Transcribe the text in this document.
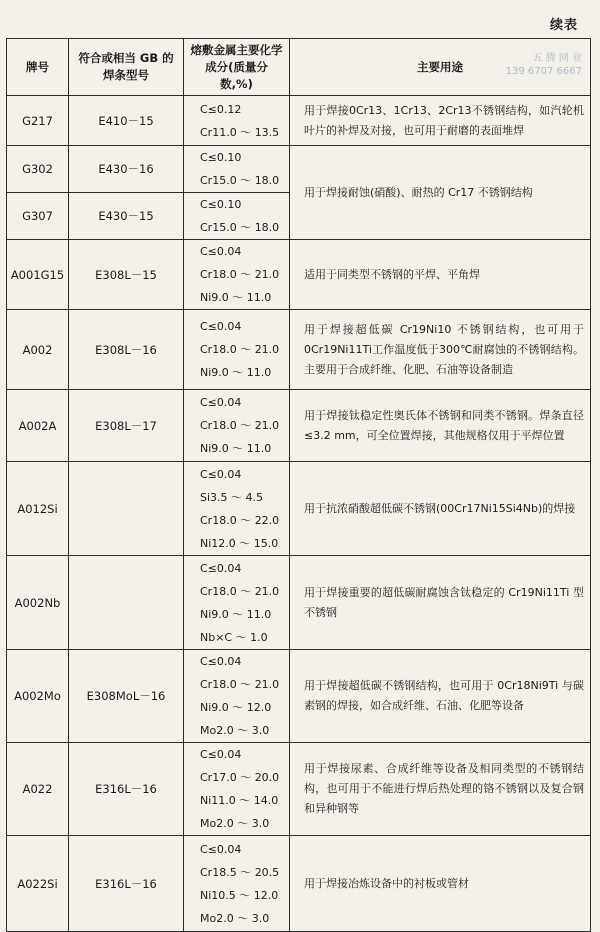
续表
五 腾 网 业
139 6707 6667
牌号	符合或相当 GB 的焊条型号	熔敷金属主要化学成分(质量分数,%)	主要用途
G217	E410－15	C≤0.12
Cr11.0 ～ 13.5	用于焊接0Cr13、1Cr13、2Cr13不锈钢结构，如汽轮机叶片的补焊及对接，也可用于耐磨的表面堆焊
G302	E430－16	C≤0.10
Cr15.0 ～ 18.0	用于焊接耐蚀(硝酸)、耐热的 Cr17 不锈钢结构
G307	E430－15	C≤0.10
Cr15.0 ～ 18.0	

A001G15	E308L－15	C≤0.04
Cr18.0 ～ 21.0
Ni9.0 ～ 11.0	适用于同类型不锈钢的平焊、平角焊
A002	E308L－16	C≤0.04
Cr18.0 ～ 21.0
Ni9.0 ～ 11.0	用于焊接超低碳 Cr19Ni10 不锈钢结构，也可用于0Cr19Ni11Ti工作温度低于300℃耐腐蚀的不锈钢结构。主要用于合成纤维、化肥、石油等设备制造
A002A	E308L－17	C≤0.04
Cr18.0 ～ 21.0
Ni9.0 ～ 11.0	用于焊接钛稳定性奥氏体不锈钢和同类不锈钢。焊条直径≤3.2 mm，可全位置焊接，其他规格仅用于平焊位置
A012Si		C≤0.04
Si3.5 ～ 4.5
Cr18.0 ～ 22.0
Ni12.0 ～ 15.0	用于抗浓硝酸超低碳不锈钢(00Cr17Ni15Si4Nb)的焊接
A002Nb		C≤0.04
Cr18.0 ～ 21.0
Ni9.0 ～ 11.0
Nb×C ～ 1.0	用于焊接重要的超低碳耐腐蚀含钛稳定的 Cr19Ni11Ti 型不锈钢
A002Mo	E308MoL－16	C≤0.04
Cr18.0 ～ 21.0
Ni9.0 ～ 12.0
Mo2.0 ～ 3.0	用于焊接超低碳不锈钢结构，也可用于 0Cr18Ni9Ti 与碳素钢的焊接，如合成纤维、石油、化肥等设备
A022	E316L－16	C≤0.04
Cr17.0 ～ 20.0
Ni11.0 ～ 14.0
Mo2.0 ～ 3.0	用于焊接尿素、合成纤维等设备及相同类型的不锈钢结构，也可用于不能进行焊后热处理的铬不锈钢以及复合钢和异种钢等
A022Si	E316L－16	C≤0.04
Cr18.5 ～ 20.5
Ni10.5 ～ 12.0
Mo2.0 ～ 3.0	用于焊接冶炼设备中的衬板或管材
